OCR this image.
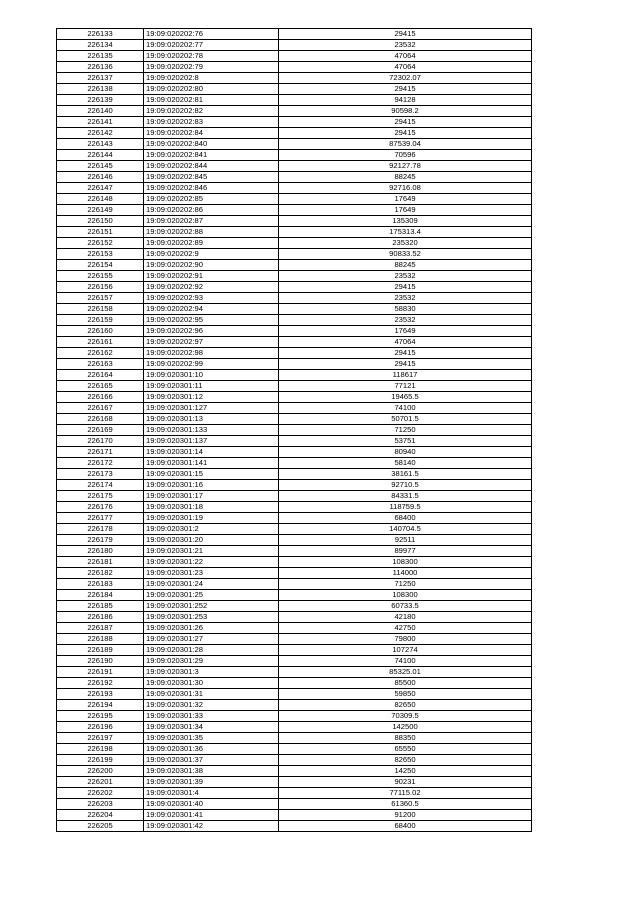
226133	19:09:020202:76	29415
226134	19:09:020202:77	23532
226135	19:09:020202:78	47064
226136	19:09:020202:79	47064
226137	19:09:020202:8	72302.07
226138	19:09:020202:80	29415
226139	19:09:020202:81	94128
226140	19:09:020202:82	90598.2
226141	19:09:020202:83	29415
226142	19:09:020202:84	29415
226143	19:09:020202:840	87539.04
226144	19:09:020202:841	70596
226145	19:09:020202:844	92127.78
226146	19:09:020202:845	88245
226147	19:09:020202:846	92716.08
226148	19:09:020202:85	17649
226149	19:09:020202:86	17649
226150	19:09:020202:87	135309
226151	19:09:020202:88	175313.4
226152	19:09:020202:89	235320
226153	19:09:020202:9	90833.52
226154	19:09:020202:90	88245
226155	19:09:020202:91	23532
226156	19:09:020202:92	29415
226157	19:09:020202:93	23532
226158	19:09:020202:94	58830
226159	19:09:020202:95	23532
226160	19:09:020202:96	17649
226161	19:09:020202:97	47064
226162	19:09:020202:98	29415
226163	19:09:020202:99	29415
226164	19:09:020301:10	118617
226165	19:09:020301:11	77121
226166	19:09:020301:12	19465.5
226167	19:09:020301:127	74100
226168	19:09:020301:13	50701.5
226169	19:09:020301:133	71250
226170	19:09:020301:137	53751
226171	19:09:020301:14	80940
226172	19:09:020301:141	58140
226173	19:09:020301:15	38161.5
226174	19:09:020301:16	92710.5
226175	19:09:020301:17	84331.5
226176	19:09:020301:18	118759.5
226177	19:09:020301:19	68400
226178	19:09:020301:2	140704.5
226179	19:09:020301:20	92511
226180	19:09:020301:21	89977
226181	19:09:020301:22	108300
226182	19:09:020301:23	114000
226183	19:09:020301:24	71250
226184	19:09:020301:25	108300
226185	19:09:020301:252	60733.5
226186	19:09:020301:253	42180
226187	19:09:020301:26	42750
226188	19:09:020301:27	79800
226189	19:09:020301:28	107274
226190	19:09:020301:29	74100
226191	19:09:020301:3	85325.01
226192	19:09:020301:30	85500
226193	19:09:020301:31	59850
226194	19:09:020301:32	82650
226195	19:09:020301:33	70309.5
226196	19:09:020301:34	142500
226197	19:09:020301:35	88350
226198	19:09:020301:36	65550
226199	19:09:020301:37	82650
226200	19:09:020301:38	14250
226201	19:09:020301:39	90231
226202	19:09:020301:4	77115.02
226203	19:09:020301:40	61360.5
226204	19:09:020301:41	91200
226205	19:09:020301:42	68400
